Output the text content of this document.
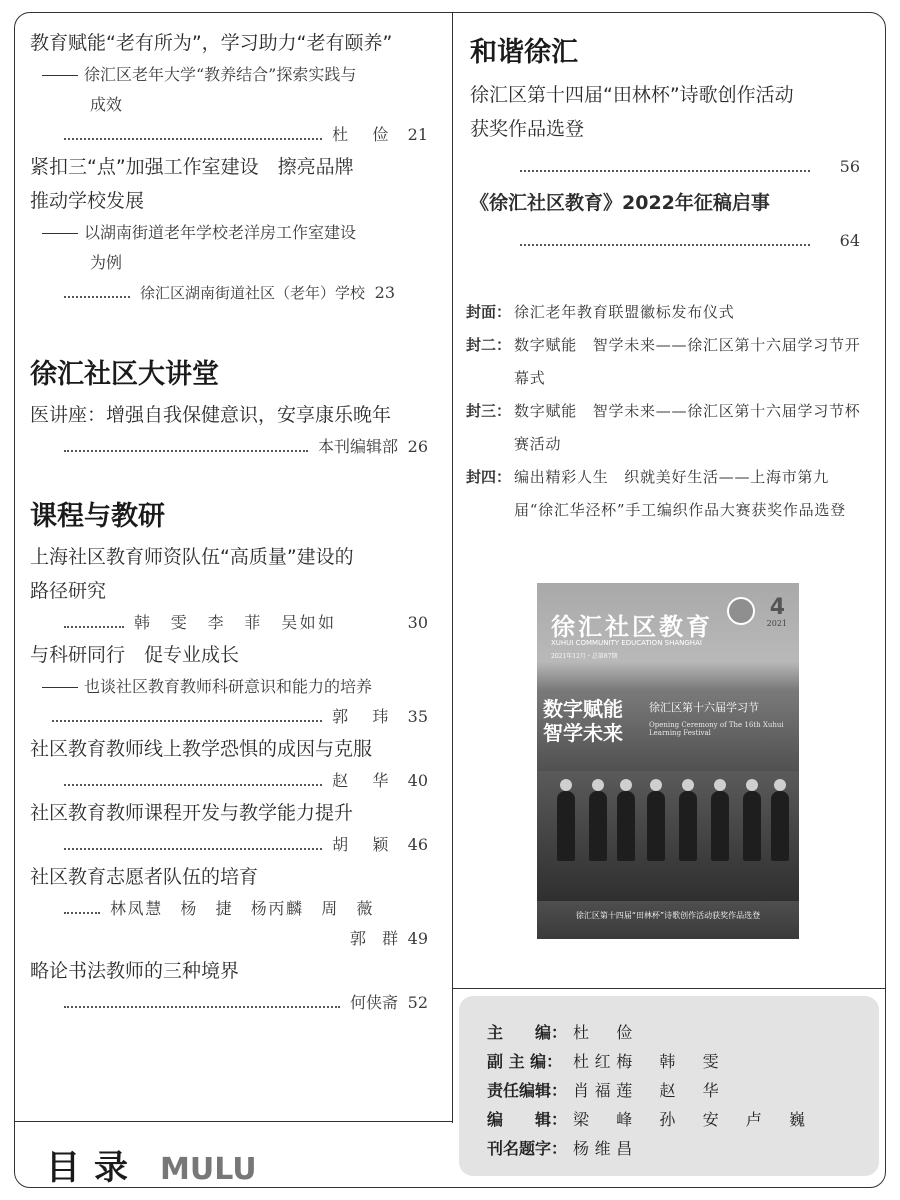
教育赋能“老有所为”，学习助力“老有颐养”

徐汇区老年大学“教养结合”探索实践与
成效

杜 俭 21

紧扣三“点”加强工作室建设　擦亮品牌

推动学校发展

以湖南街道老年学校老洋房工作室建设
为例

徐汇区湖南街道社区（老年）学校 23
徐汇社区大讲堂

医讲座：增强自我保健意识，安享康乐晚年

本刊编辑部 26
课程与教研

上海社区教育师资队伍“高质量”建设的

路径研究

韩　雯　李　菲　吴如如	30

与科研同行　促专业成长

也谈社区教育教师科研意识和能力的培养

郭 玮 35

社区教育教师线上教学恐惧的成因与克服

赵 华 40

社区教育教师课程开发与教学能力提升

胡 颖 46

社区教育志愿者队伍的培育

林凤慧　杨　捷　杨丙麟　周　薇
郭　群 49

略论书法教师的三种境界

何侠斋 52
和谐徐汇

徐汇区第十四届“田林杯”诗歌创作活动

获奖作品选登

56

《徐汇社区教育》2022年征稿启事

64
封面： 徐汇老年教育联盟徽标发布仪式
封二： 数字赋能　智学未来——徐汇区第十六届学习节开幕式
封三： 数字赋能　智学未来——徐汇区第十六届学习节杯赛活动
封四： 编出精彩人生　织就美好生活——上海市第九届“徐汇华泾杯”手工编织作品大赛获奖作品选登
徐汇社区教育
4
2021
XUHUI COMMUNITY EDUCATION SHANGHAI
2021年12月・总第87期
数字赋能
智学未来
徐汇区第十六届学习节
Opening Ceremony of The 16th Xuhui Learning Festival
徐汇区第十四届“田林杯”诗歌创作活动获奖作品选登
主　　编： 杜　俭
副 主 编： 杜红梅　韩　雯
责任编辑： 肖福莲　赵　华
编　　辑： 梁　峰　孙　安　卢　巍
刊名题字： 杨维昌
目录 MULU
